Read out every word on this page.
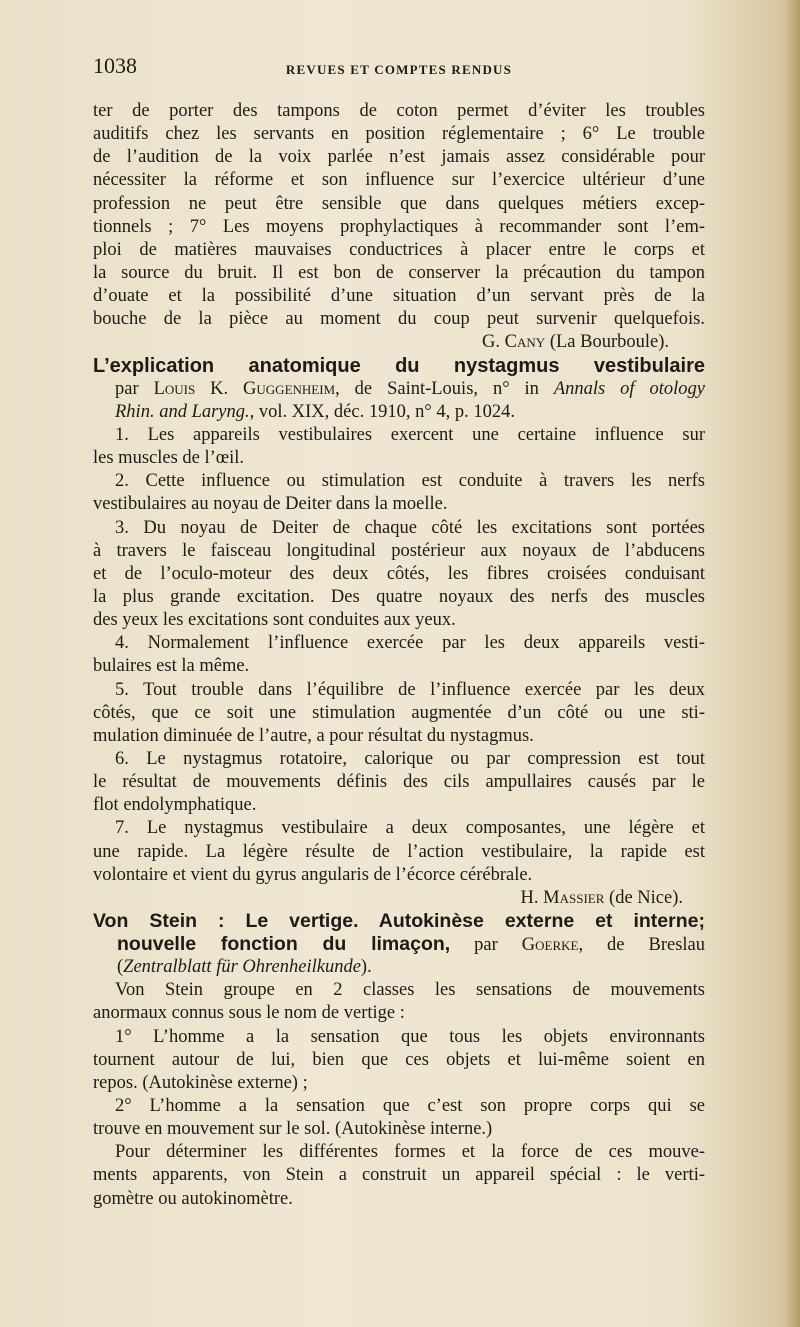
1038	REVUES ET COMPTES RENDUS
ter de porter des tampons de coton permet d’éviter les troubles
auditifs chez les servants en position réglementaire ; 6° Le trouble
de l’audition de la voix parlée n’est jamais assez considérable pour
nécessiter la réforme et son influence sur l’exercice ultérieur d’une
profession ne peut être sensible que dans quelques métiers excep-
tionnels ; 7° Les moyens prophylactiques à recommander sont l’em-
ploi de matières mauvaises conductrices à placer entre le corps et
la source du bruit. Il est bon de conserver la précaution du tampon
d’ouate et la possibilité d’une situation d’un servant près de la
bouche de la pièce au moment du coup peut survenir quelquefois.
G. Cany (La Bourboule).
L’explication anatomique du nystagmus vestibulaire
par Louis K. Guggenheim, de Saint-Louis, n° in Annals of otology
Rhin. and Laryng., vol. XIX, déc. 1910, n° 4, p. 1024.
1. Les appareils vestibulaires exercent une certaine influence sur
les muscles de l’œil.
2. Cette influence ou stimulation est conduite à travers les nerfs
vestibulaires au noyau de Deiter dans la moelle.
3. Du noyau de Deiter de chaque côté les excitations sont portées
à travers le faisceau longitudinal postérieur aux noyaux de l’abducens
et de l’oculo-moteur des deux côtés, les fibres croisées conduisant
la plus grande excitation. Des quatre noyaux des nerfs des muscles
des yeux les excitations sont conduites aux yeux.
4. Normalement l’influence exercée par les deux appareils vesti-
bulaires est la même.
5. Tout trouble dans l’équilibre de l’influence exercée par les deux
côtés, que ce soit une stimulation augmentée d’un côté ou une sti-
mulation diminuée de l’autre, a pour résultat du nystagmus.
6. Le nystagmus rotatoire, calorique ou par compression est tout
le résultat de mouvements définis des cils ampullaires causés par le
flot endolymphatique.
7. Le nystagmus vestibulaire a deux composantes, une légère et
une rapide. La légère résulte de l’action vestibulaire, la rapide est
volontaire et vient du gyrus angularis de l’écorce cérébrale.
H. Massier (de Nice).
Von Stein : Le vertige. Autokinèse externe et interne;
nouvelle fonction du limaçon, par Goerke, de Breslau
(Zentralblatt für Ohrenheilkunde).
Von Stein groupe en 2 classes les sensations de mouvements
anormaux connus sous le nom de vertige :
1° L’homme a la sensation que tous les objets environnants
tournent autour de lui, bien que ces objets et lui-même soient en
repos. (Autokinèse externe) ;
2° L’homme a la sensation que c’est son propre corps qui se
trouve en mouvement sur le sol. (Autokinèse interne.)
Pour déterminer les différentes formes et la force de ces mouve-
ments apparents, von Stein a construit un appareil spécial : le verti-
gomètre ou autokinomètre.
